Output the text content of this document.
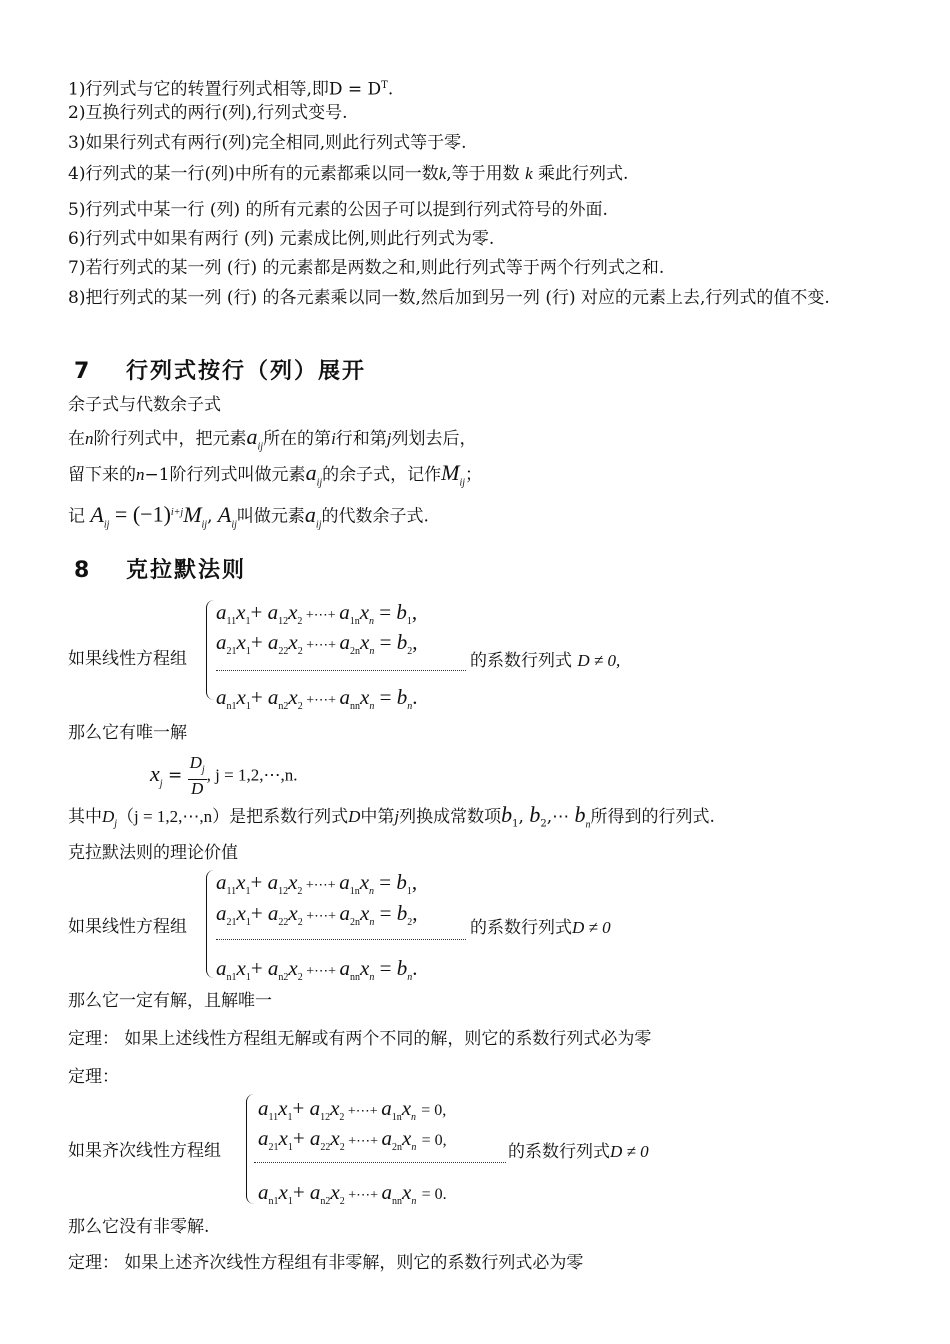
1)行列式与它的转置行列式相等,即$D = D^T$.
2)互换行列式的两行(列),行列式变号.
3)如果行列式有两行(列)完全相同,则此行列式等于零.
4)行列式的某一行(列)中所有的元素都乘以同一数k,等于用数 k 乘此行列式.
5)行列式中某一行 (列) 的所有元素的公因子可以提到行列式符号的外面.
6)行列式中如果有两行 (列) 元素成比例,则此行列式为零.
7)若行列式的某一列 (行) 的元素都是两数之和,则此行列式等于两个行列式之和.
8)把行列式的某一列 (行) 的各元素乘以同一数,然后加到另一列 (行) 对应的元素上去,行列式的值不变.
7 行列式按行（列）展开
余子式与代数余子式
在n阶行列式中，把元素$a_{ij}$所在的第i行和第j列划去后，
留下来的n−1阶行列式叫做元素$a_{ij}$的余子式，记作$M_{ij}$；
记 $A_{ij} = (-1)^{i+j}M_{ij}$, $A_{ij}$叫做元素$a_{ij}$的代数余子式.
8 克拉默法则
如果线性方程组
$a_{11}x_1+ a_{12}x_2$ +⋯+ $a_{1n}x_n = b_1$,
$a_{21}x_1+ a_{22}x_2$ +⋯+ $a_{2n}x_n = b_2$,
$a_{n1}x_1+ a_{n2}x_2$ +⋯+ $a_{nn}x_n = b_n$.
的系数行列式 D ≠ 0,
那么它有唯一解
$x_j = \frac{D_j}{D}$ , j = 1,2,⋯,n.
其中$D_j(j$ = 1,2,⋯,n）是把系数行列式D中第j列换成常数项$b_1$, $b_2,\cdots$ $b_n$所得到的行列式.
克拉默法则的理论价值
如果线性方程组
$a_{11}x_1+ a_{12}x_2$ +⋯+ $a_{1n}x_n = b_1$,
$a_{21}x_1+ a_{22}x_2$ +⋯+ $a_{2n}x_n = b_2$,
$a_{n1}x_1+ a_{n2}x_2$ +⋯+ $a_{nn}x_n = b_n$.
的系数行列式D ≠ 0
那么它一定有解，且解唯一
定理： 如果上述线性方程组无解或有两个不同的解，则它的系数行列式必为零
定理：
如果齐次线性方程组
$a_{11}x_1+ a_{12}x_2$ +⋯+ $a_{1n}x_n = 0$,
$a_{21}x_1+ a_{22}x_2$ +⋯+ $a_{2n}x_n = 0$,
$a_{n1}x_1+ a_{n2}x_2$ +⋯+ $a_{nn}x_n = 0$.
的系数行列式D ≠ 0
那么它没有非零解.
定理： 如果上述齐次线性方程组有非零解，则它的系数行列式必为零
